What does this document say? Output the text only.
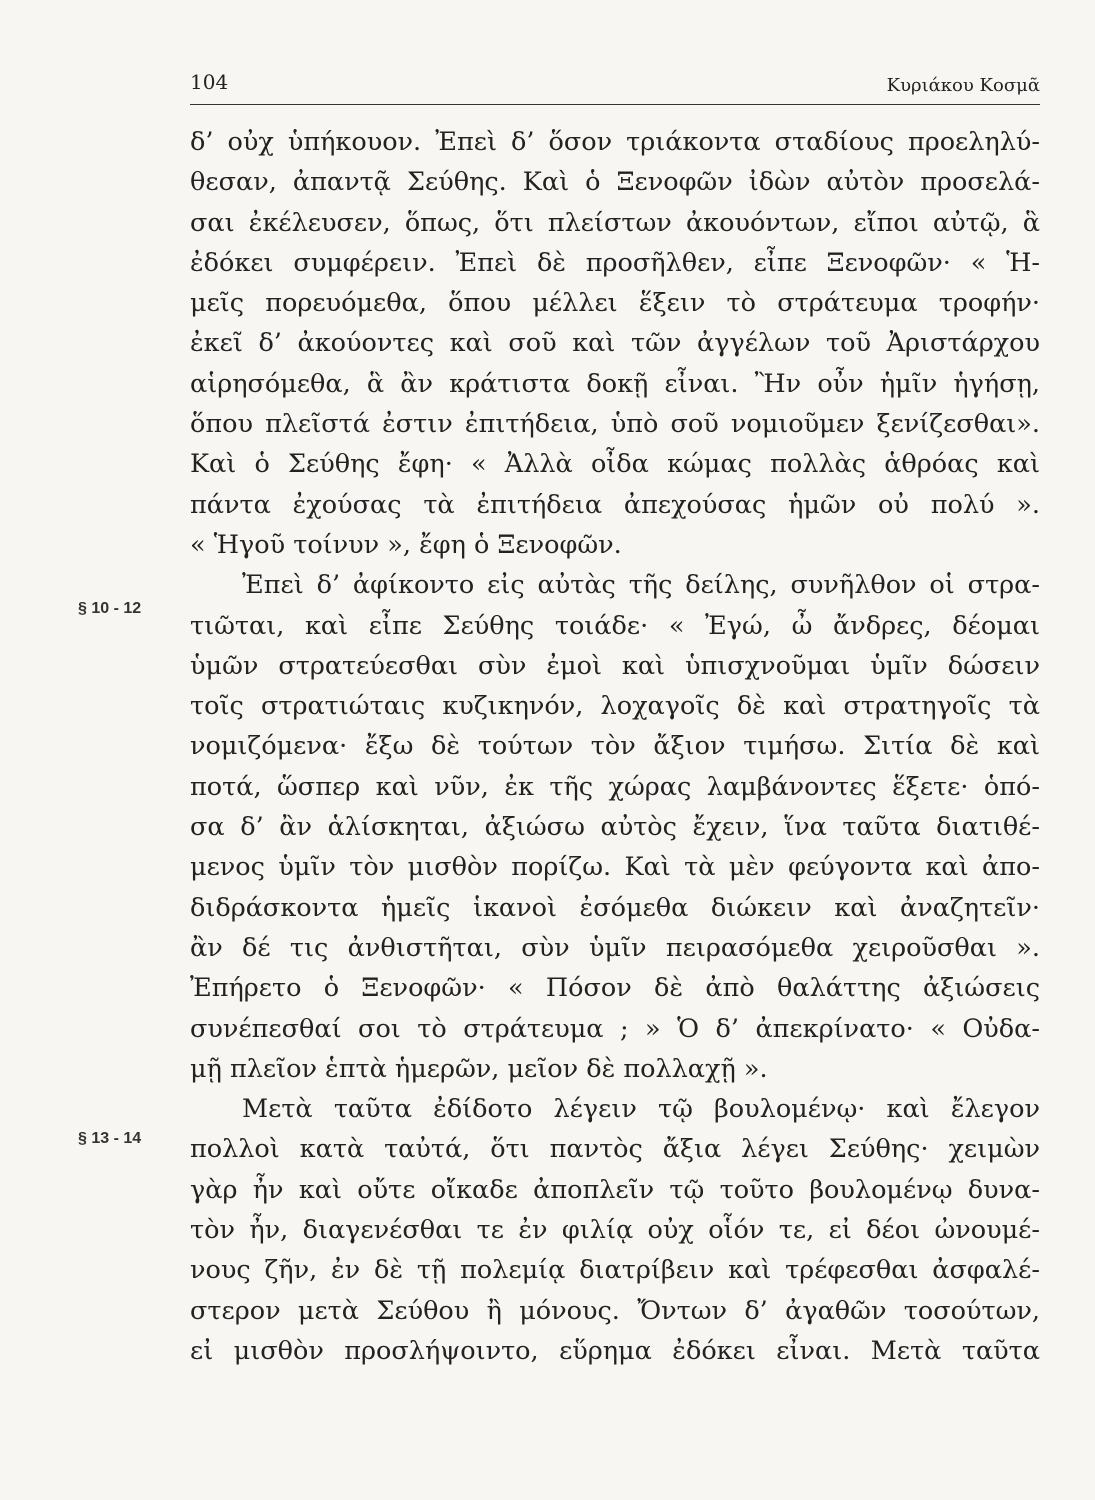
104	Κυριάκου Κοσμᾶ
§ 10 - 12
§ 13 - 14
δ’ οὐχ ὑπήκουον. Ἐπεὶ δ’ ὅσον τριάκοντα σταδίους προεληλύ-
θεσαν, ἀπαντᾷ Σεύθης. Καὶ ὁ Ξενοφῶν ἰδὼν αὐτὸν προσελά-
σαι ἐκέλευσεν, ὅπως, ὅτι πλείστων ἀκουόντων, εἴποι αὐτῷ, ἃ
ἐδόκει συμφέρειν. Ἐπεὶ δὲ προσῆλθεν, εἶπε Ξενοφῶν· « Ἡ-
μεῖς πορευόμεθα, ὅπου μέλλει ἕξειν τὸ στράτευμα τροφήν·
ἐκεῖ δ’ ἀκούοντες καὶ σοῦ καὶ τῶν ἀγγέλων τοῦ Ἀριστάρχου
αἱρησόμεθα, ἃ ἂν κράτιστα δοκῇ εἶναι. Ἢν οὖν ἡμῖν ἡγήσῃ,
ὅπου πλεῖστά ἐστιν ἐπιτήδεια, ὑπὸ σοῦ νομιοῦμεν ξενίζεσθαι».
Καὶ ὁ Σεύθης ἔφη· « Ἀλλὰ οἶδα κώμας πολλὰς ἁθρόας καὶ
πάντα ἐχούσας τὰ ἐπιτήδεια ἀπεχούσας ἡμῶν οὐ πολύ ».
« Ἡγοῦ τοίνυν », ἔφη ὁ Ξενοφῶν.
Ἐπεὶ δ’ ἀφίκοντο εἰς αὐτὰς τῆς δείλης, συνῆλθον οἱ στρα-
τιῶται, καὶ εἶπε Σεύθης τοιάδε· « Ἐγώ, ὦ ἄνδρες, δέομαι
ὑμῶν στρατεύεσθαι σὺν ἐμοὶ καὶ ὑπισχνοῦμαι ὑμῖν δώσειν
τοῖς στρατιώταις κυζικηνόν, λοχαγοῖς δὲ καὶ στρατηγοῖς τὰ
νομιζόμενα· ἔξω δὲ τούτων τὸν ἄξιον τιμήσω. Σιτία δὲ καὶ
ποτά, ὥσπερ καὶ νῦν, ἐκ τῆς χώρας λαμβάνοντες ἕξετε· ὁπό-
σα δ’ ἂν ἁλίσκηται, ἀξιώσω αὐτὸς ἔχειν, ἵνα ταῦτα διατιθέ-
μενος ὑμῖν τὸν μισθὸν πορίζω. Καὶ τὰ μὲν φεύγοντα καὶ ἀπο-
διδράσκοντα ἡμεῖς ἱκανοὶ ἐσόμεθα διώκειν καὶ ἀναζητεῖν·
ἂν δέ τις ἀνθιστῆται, σὺν ὑμῖν πειρασόμεθα χειροῦσθαι ».
Ἐπήρετο ὁ Ξενοφῶν· « Πόσον δὲ ἀπὸ θαλάττης ἀξιώσεις
συνέπεσθαί σοι τὸ στράτευμα ; » Ὁ δ’ ἀπεκρίνατο· « Οὐδα-
μῇ πλεῖον ἑπτὰ ἡμερῶν, μεῖον δὲ πολλαχῇ ».
Μετὰ ταῦτα ἐδίδοτο λέγειν τῷ βουλομένῳ· καὶ ἔλεγον
πολλοὶ κατὰ ταὐτά, ὅτι παντὸς ἄξια λέγει Σεύθης· χειμὼν
γὰρ ἦν καὶ οὔτε οἴκαδε ἀποπλεῖν τῷ τοῦτο βουλομένῳ δυνα-
τὸν ἦν, διαγενέσθαι τε ἐν φιλίᾳ οὐχ οἷόν τε, εἰ δέοι ὠνουμέ-
νους ζῆν, ἐν δὲ τῇ πολεμίᾳ διατρίβειν καὶ τρέφεσθαι ἀσφαλέ-
στερον μετὰ Σεύθου ἢ μόνους. Ὄντων δ’ ἀγαθῶν τοσούτων,
εἰ μισθὸν προσλήψοιντο, εὕρημα ἐδόκει εἶναι. Μετὰ ταῦτα
